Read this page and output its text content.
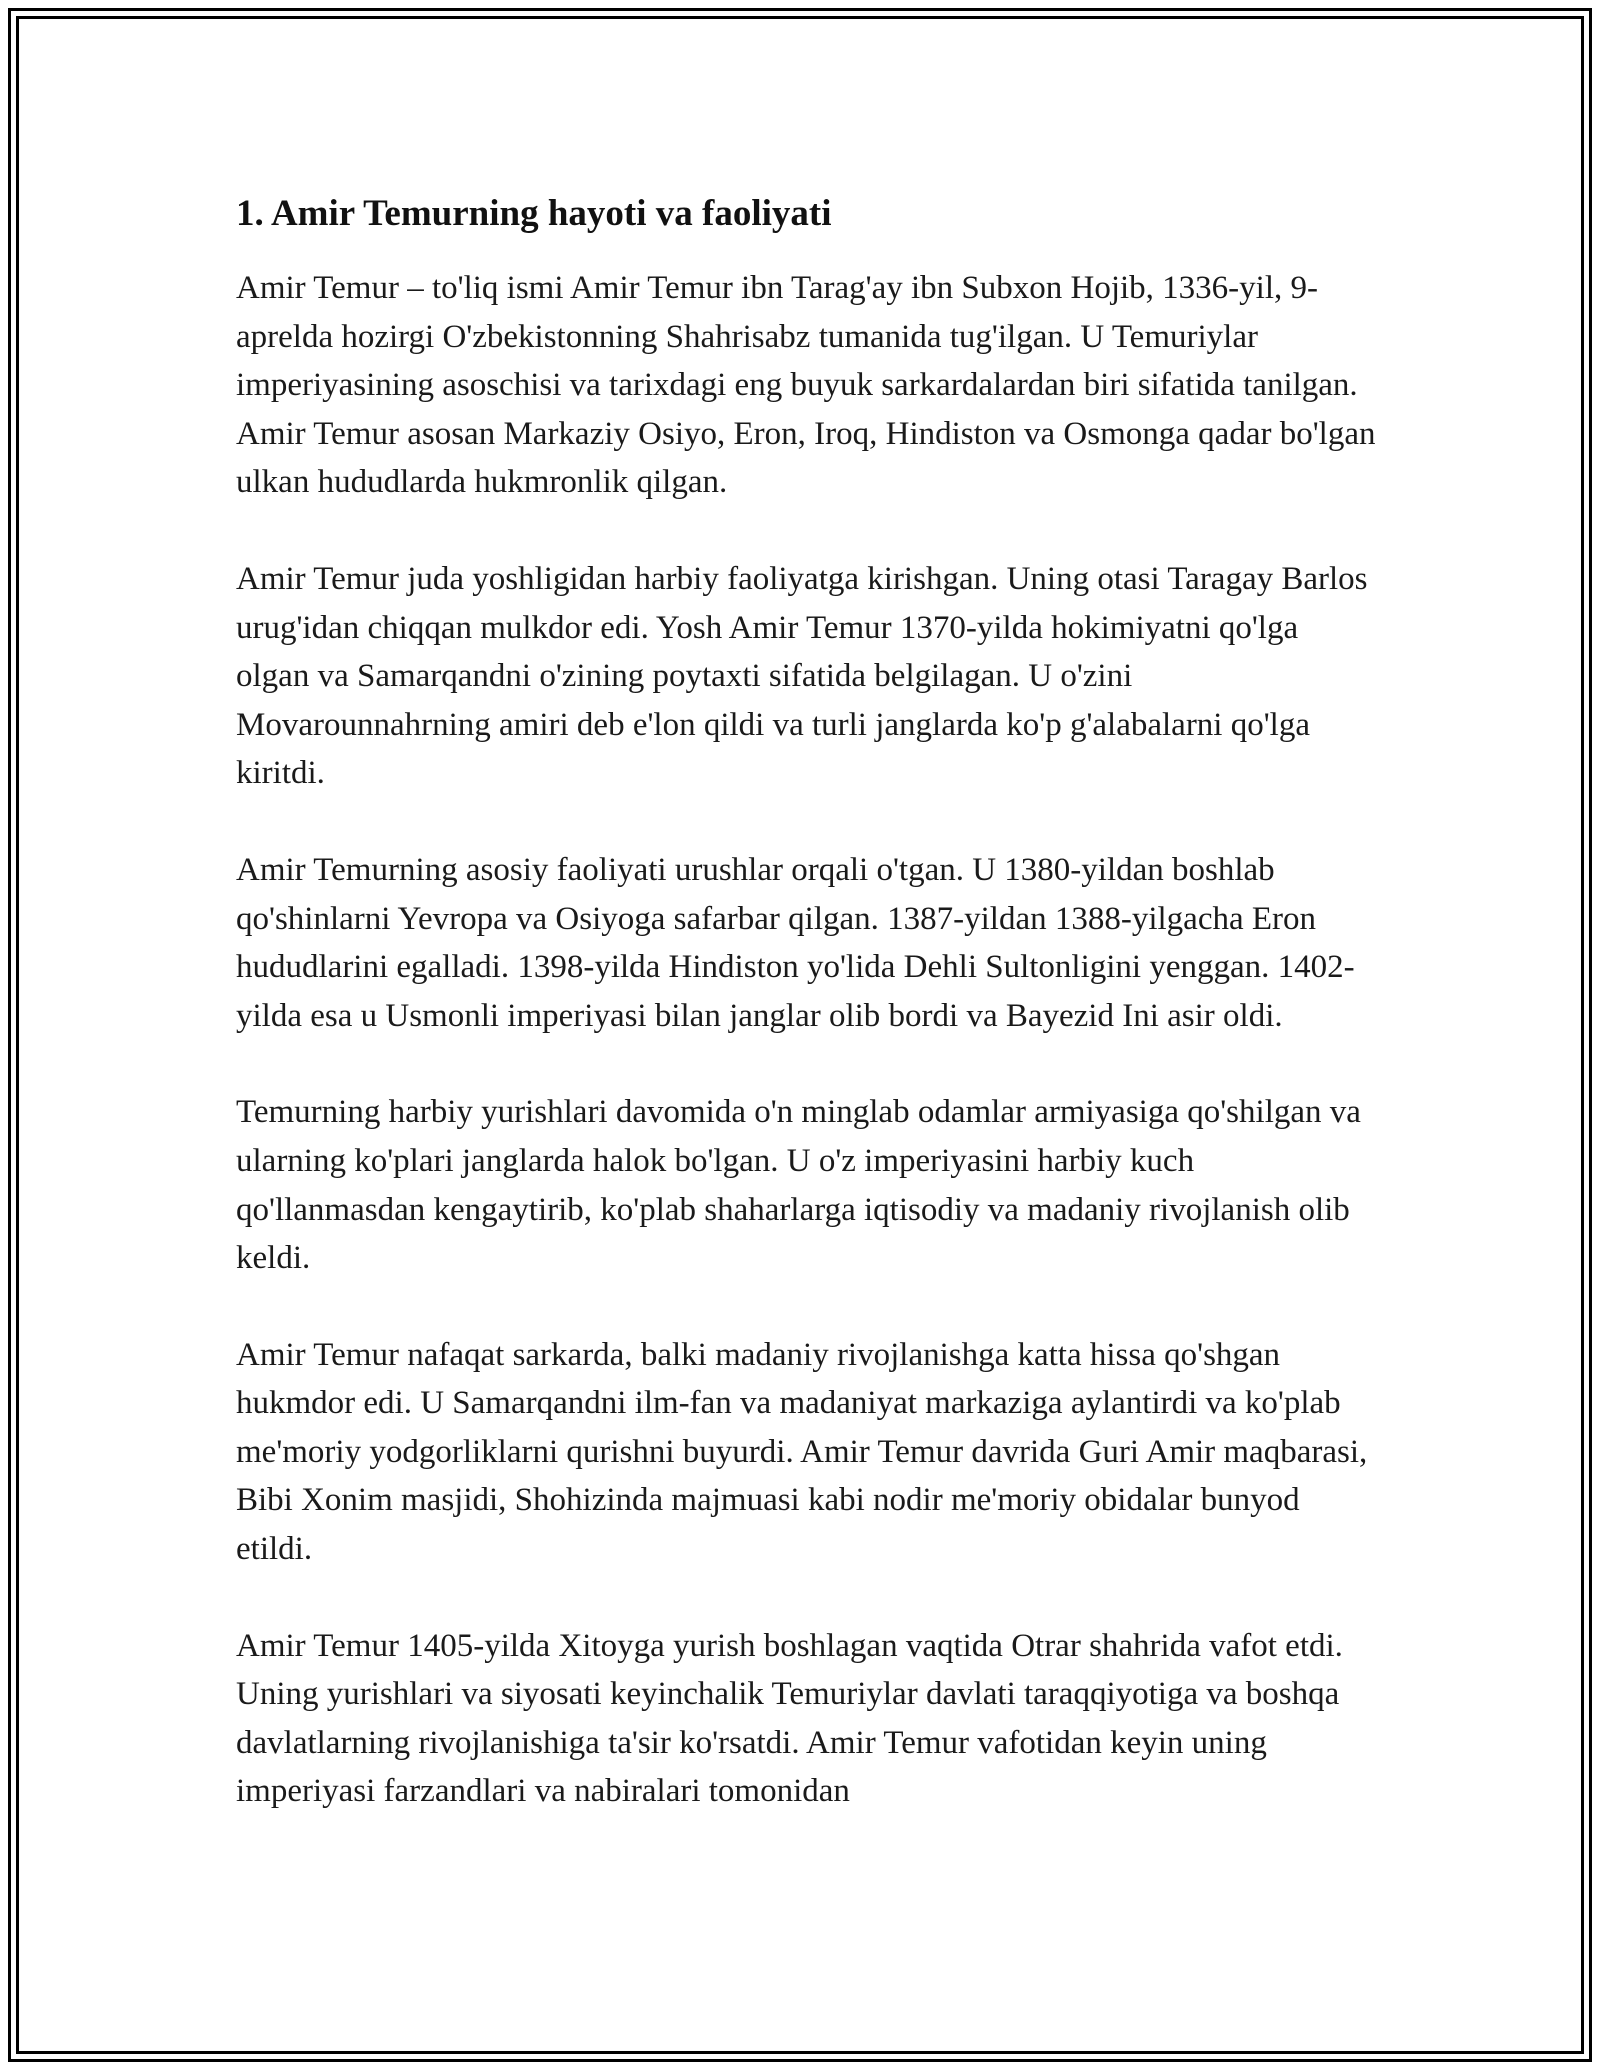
1. Amir Temurning hayoti va faoliyati

Amir Temur – to'liq ismi Amir Temur ibn Tarag'ay ibn Subxon Hojib, 1336-yil, 9-aprelda hozirgi O'zbekistonning Shahrisabz tumanida tug'ilgan. U Temuriylar imperiyasining asoschisi va tarixdagi eng buyuk sarkardalardan biri sifatida tanilgan. Amir Temur asosan Markaziy Osiyo, Eron, Iroq, Hindiston va Osmonga qadar bo'lgan ulkan hududlarda hukmronlik qilgan.

Amir Temur juda yoshligidan harbiy faoliyatga kirishgan. Uning otasi Taragay Barlos urug'idan chiqqan mulkdor edi. Yosh Amir Temur 1370-yilda hokimiyatni qo'lga olgan va Samarqandni o'zining poytaxti sifatida belgilagan. U o'zini Movarounnahrning amiri deb e'lon qildi va turli janglarda ko'p g'alabalarni qo'lga kiritdi.

Amir Temurning asosiy faoliyati urushlar orqali o'tgan. U 1380-yildan boshlab qo'shinlarni Yevropa va Osiyoga safarbar qilgan. 1387-yildan 1388-yilgacha Eron hududlarini egalladi. 1398-yilda Hindiston yo'lida Dehli Sultonligini yenggan. 1402-yilda esa u Usmonli imperiyasi bilan janglar olib bordi va Bayezid Ini asir oldi.

Temurning harbiy yurishlari davomida o'n minglab odamlar armiyasiga qo'shilgan va ularning ko'plari janglarda halok bo'lgan. U o'z imperiyasini harbiy kuch qo'llanmasdan kengaytirib, ko'plab shaharlarga iqtisodiy va madaniy rivojlanish olib keldi.

Amir Temur nafaqat sarkarda, balki madaniy rivojlanishga katta hissa qo'shgan hukmdor edi. U Samarqandni ilm-fan va madaniyat markaziga aylantirdi va ko'plab me'moriy yodgorliklarni qurishni buyurdi. Amir Temur davrida Guri Amir maqbarasi, Bibi Xonim masjidi, Shohizinda majmuasi kabi nodir me'moriy obidalar bunyod etildi.

Amir Temur 1405-yilda Xitoyga yurish boshlagan vaqtida Otrar shahrida vafot etdi. Uning yurishlari va siyosati keyinchalik Temuriylar davlati taraqqiyotiga va boshqa davlatlarning rivojlanishiga ta'sir ko'rsatdi. Amir Temur vafotidan keyin uning imperiyasi farzandlari va nabiralari tomonidan
